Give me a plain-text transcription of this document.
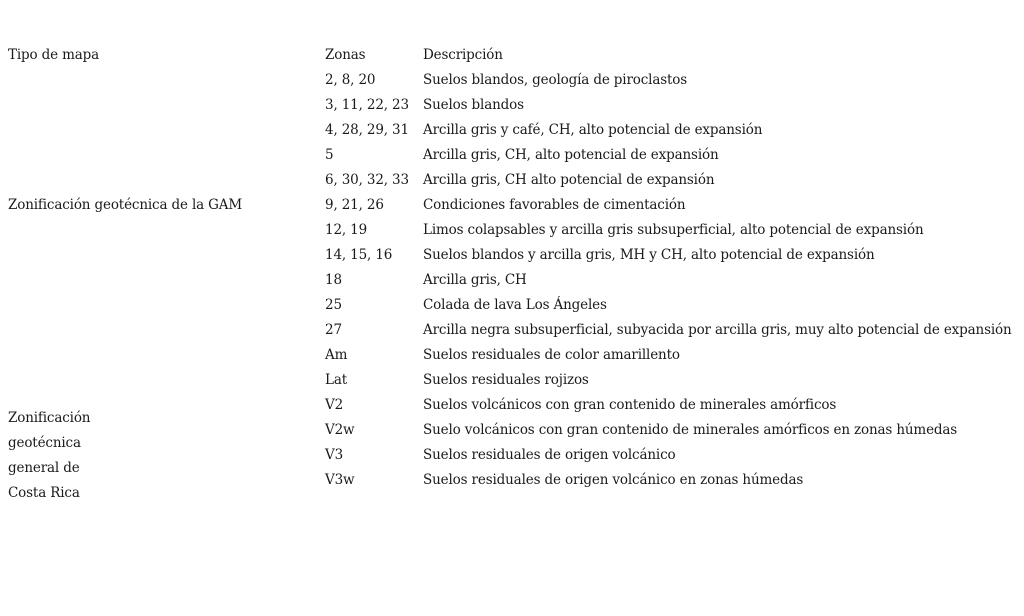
Tipo de mapa	Zonas	Descripción
2, 8, 20	Suelos blandos, geología de piroclastos
3, 11, 22, 23 Suelos blandos
4, 28, 29, 31 Arcilla gris y café, CH, alto potencial de expansión
5	Arcilla gris, CH, alto potencial de expansión
6, 30, 32, 33 Arcilla gris, CH alto potencial de expansión
Zonificación geotécnica de la GAM	9, 21, 26	Condiciones favorables de cimentación
12, 19	Limos colapsables y arcilla gris subsuperficial, alto potencial de expansión
14, 15, 16 Suelos blandos y arcilla gris, MH y CH, alto potencial de expansión
18	Arcilla gris, CH
25	Colada de lava Los Ángeles
27	Arcilla negra subsuperficial, subyacida por arcilla gris, muy alto potencial de expansión
Am	Suelos residuales de color amarillento
Lat	Suelos residuales rojizos
V2	Suelos volcánicos con gran contenido de minerales amórficos
V2w	Suelo volcánicos con gran contenido de minerales amórficos en zonas húmedas
V3	Suelos residuales de origen volcánico
V3w	Suelos residuales de origen volcánico en zonas húmedas
Zonificación geotécnica general de Costa Rica
